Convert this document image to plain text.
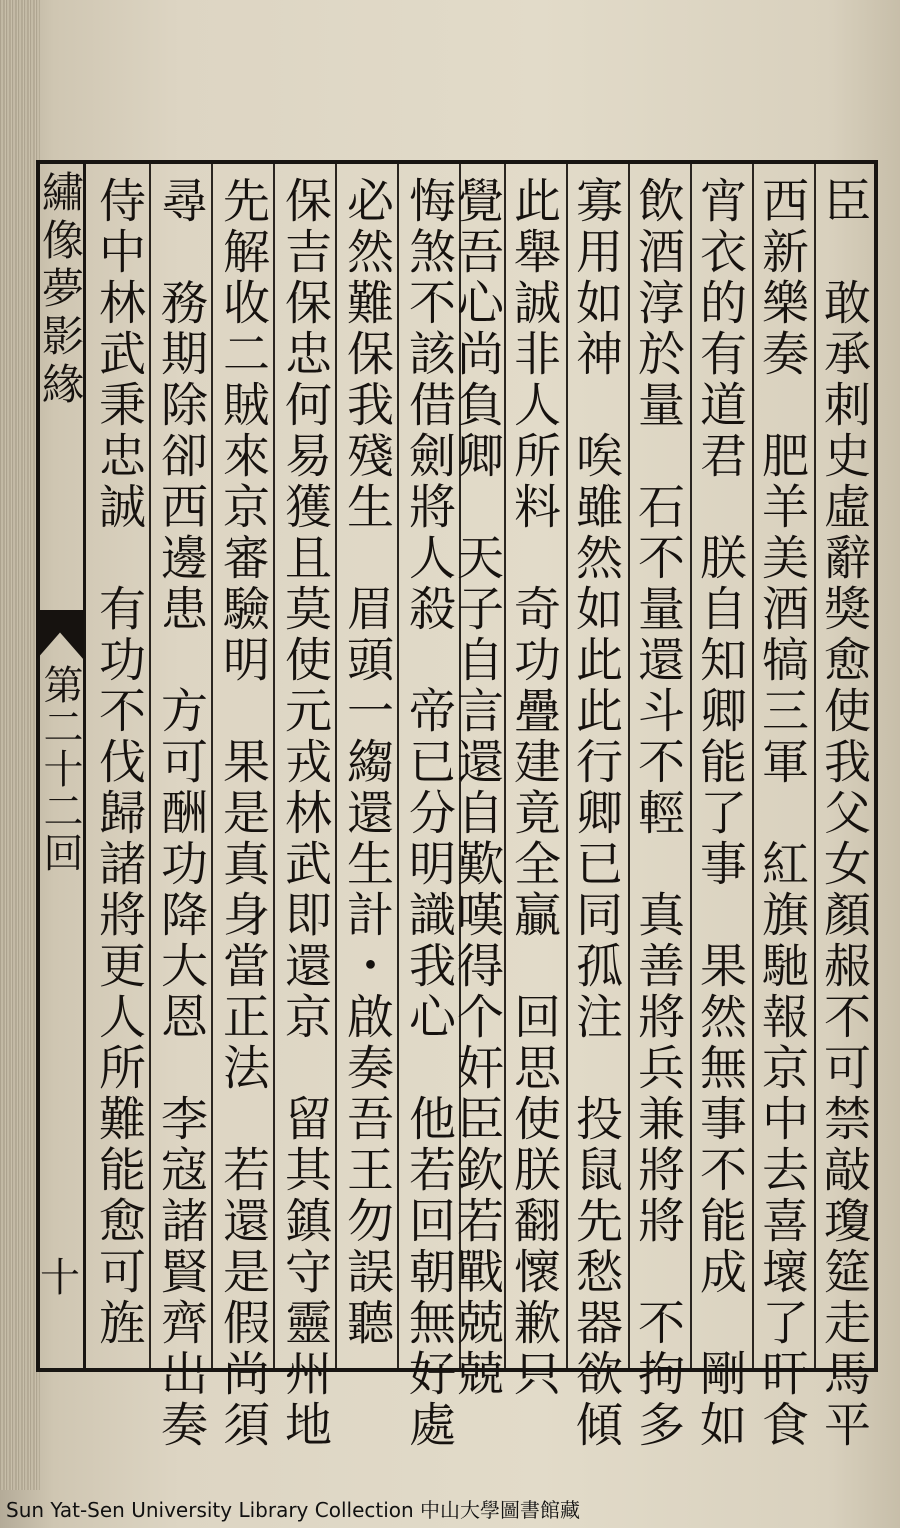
繡像夢影緣
第二十二回
十	臣　敢承刺史虛辭獎愈使我父女顏赧不可禁敲瓊筵走馬平
西新樂奏　肥羊美酒犒三軍　紅旗馳報京中去喜壞了旰食
宵衣的有道君　朕自知卿能了事　果然無事不能成　剛如
飲酒淳於量　石不量還斗不輕　真善將兵兼將將　不拘多
寡用如神　唉雖然如此此行卿已同孤注　投鼠先愁器欲傾
此舉誠非人所料　奇功疊建竟全贏　回思使朕翻懷歉只
覺吾心尚負卿　天子自言還自歎嘆得个奸臣欽若戰兢兢
悔煞不該借劍將人殺　帝已分明識我心　他若回朝無好處
必然難保我殘生　眉頭一縐還生計・啟奏吾王勿誤聽
保吉保忠何易獲且莫使元戎林武即還京　留其鎮守靈州地
先解收二賊來京審驗明　果是真身當正法　若還是假尚須
尋　務期除卻西邊患　方可酬功降大恩　李寇諸賢齊出奏
侍中林武秉忠誠　有功不伐歸諸將更人所難能愈可旌
Sun Yat-Sen University Library Collection 中山大學圖書館藏
